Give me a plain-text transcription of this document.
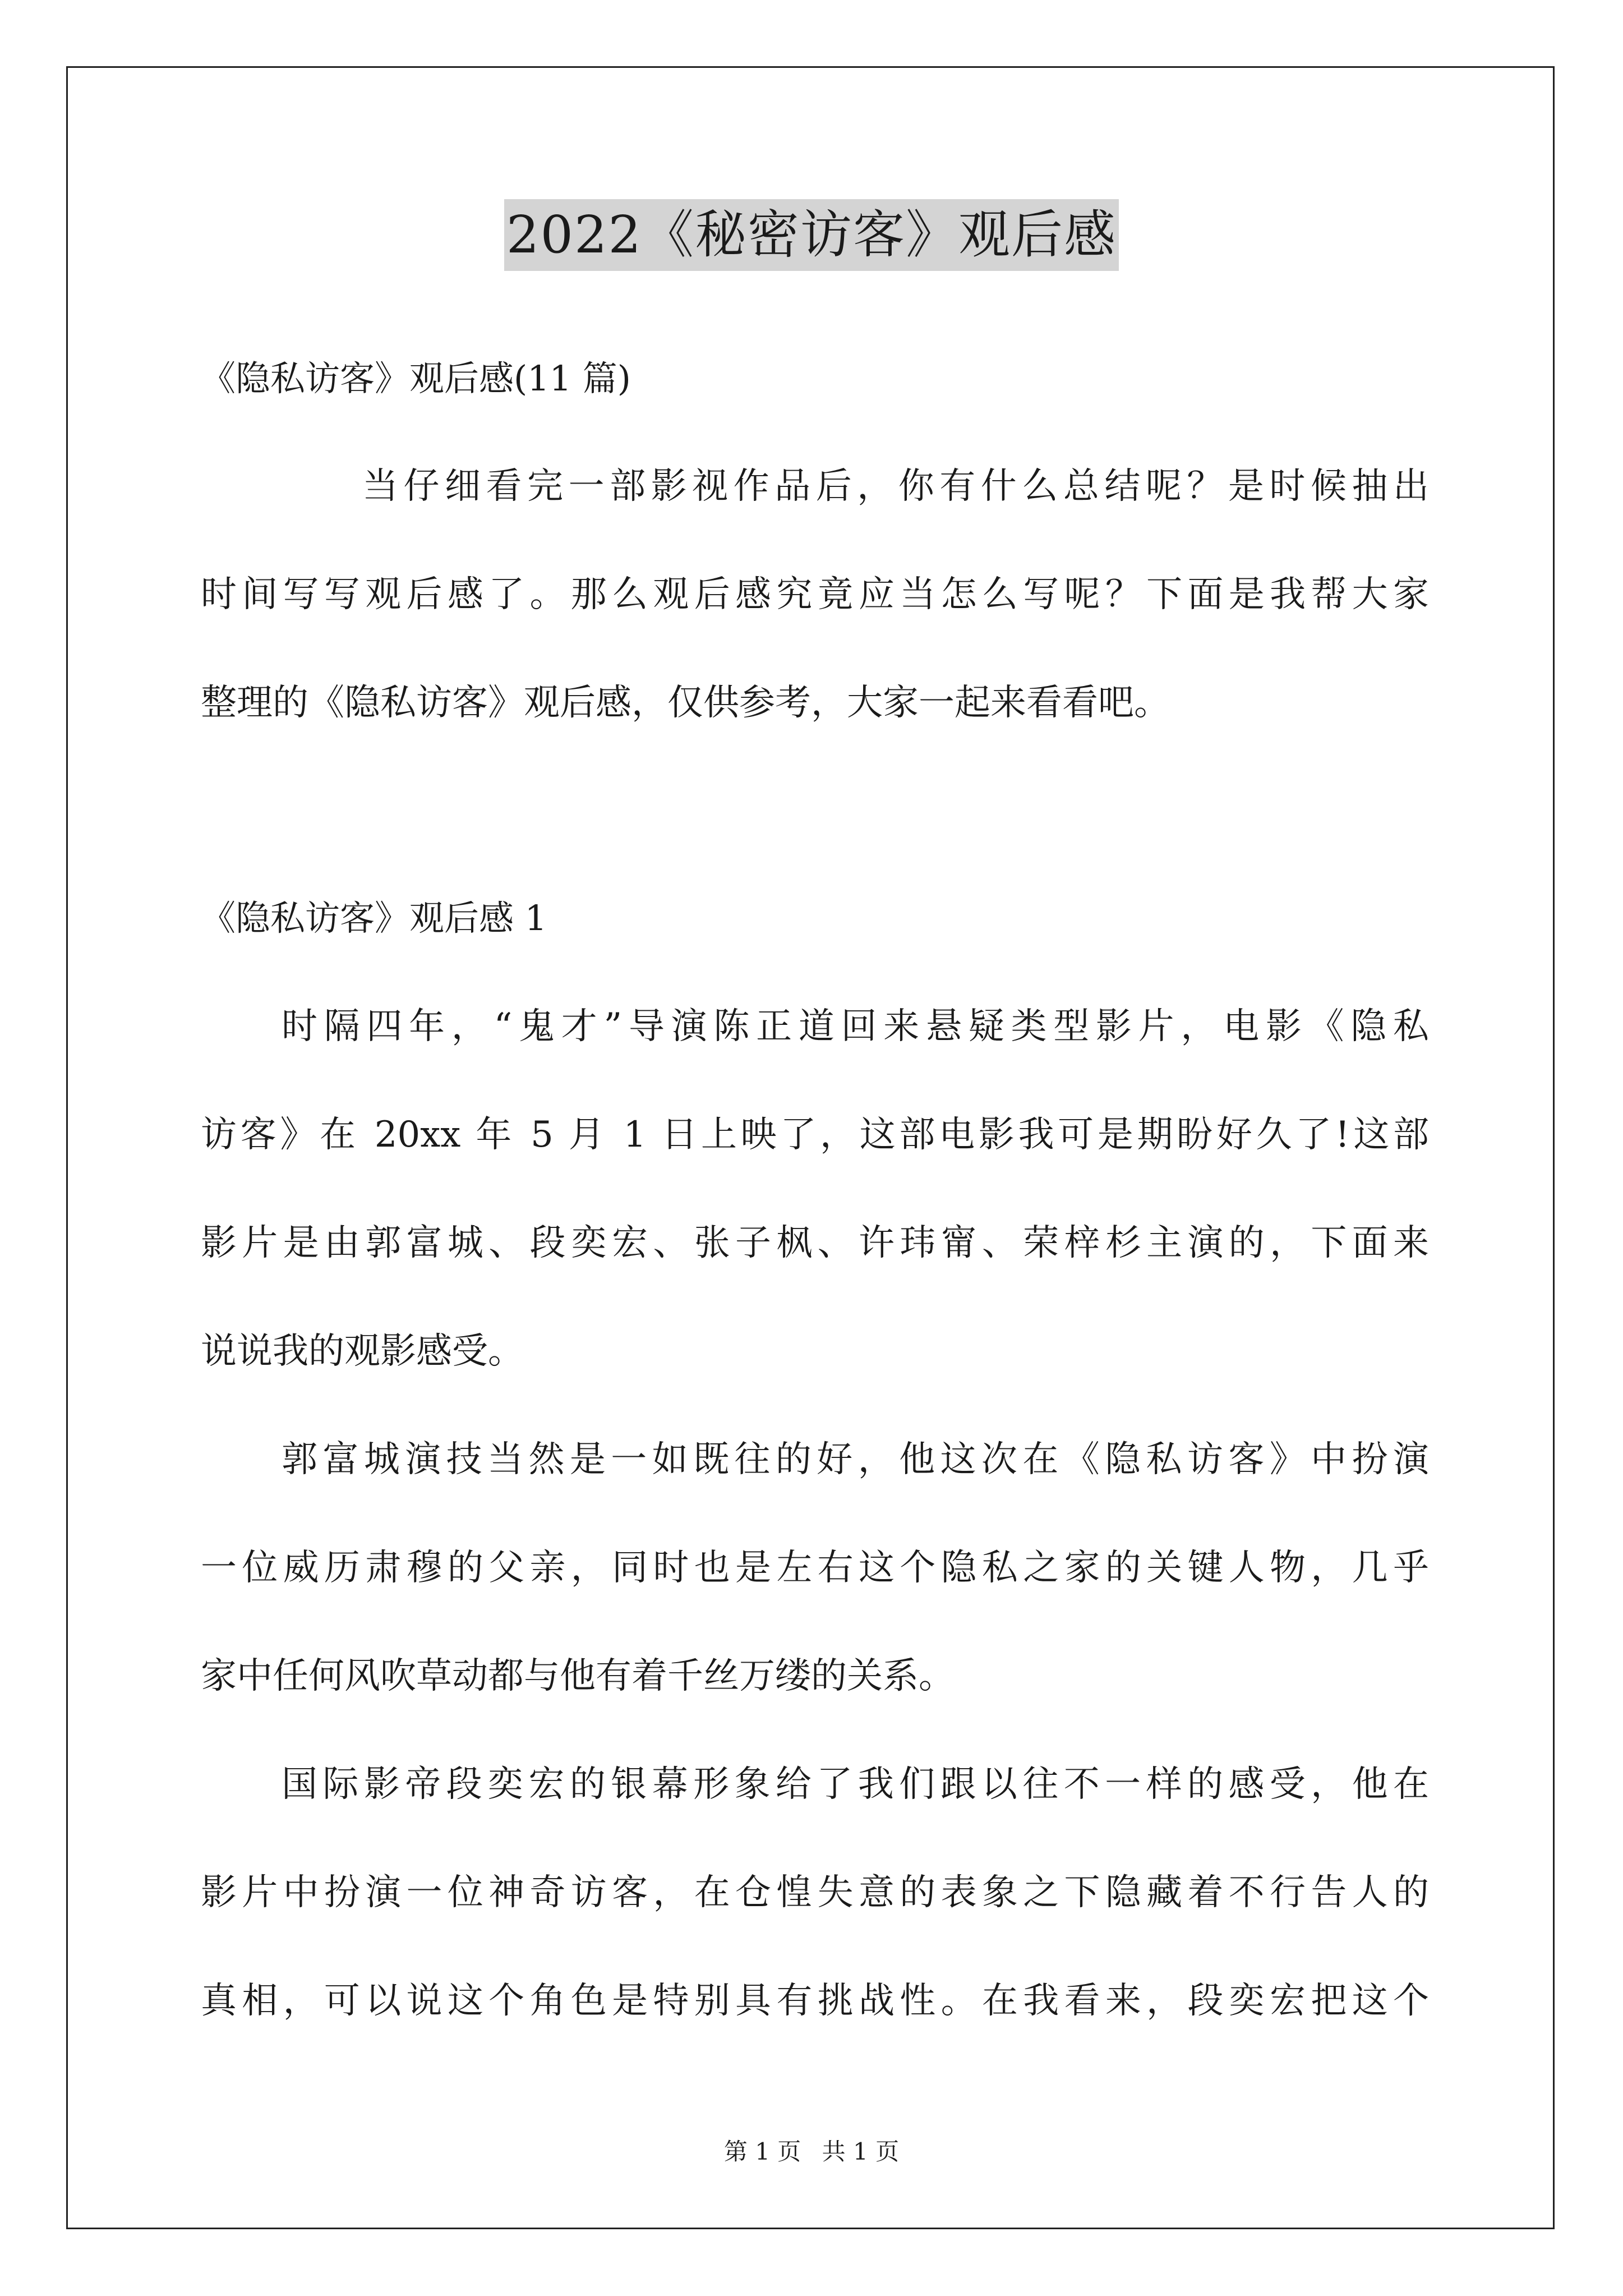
2022《秘密访客》观后感
《隐私访客》观后感(11 篇)
当仔细看完一部影视作品后，你有什么总结呢？是时候抽出
时间写写观后感了。那么观后感究竟应当怎么写呢？下面是我帮大家
整理的《隐私访客》观后感，仅供参考，大家一起来看看吧。
《隐私访客》观后感 1
时隔四年，“鬼才”导演陈正道回来悬疑类型影片，电影《隐私
访客》在 20xx 年 5 月 1 日上映了，这部电影我可是期盼好久了!这部
影片是由郭富城、段奕宏、张子枫、许玮甯、荣梓杉主演的，下面来
说说我的观影感受。
郭富城演技当然是一如既往的好，他这次在《隐私访客》中扮演
一位威历肃穆的父亲，同时也是左右这个隐私之家的关键人物，几乎
家中任何风吹草动都与他有着千丝万缕的关系。
国际影帝段奕宏的银幕形象给了我们跟以往不一样的感受，他在
影片中扮演一位神奇访客，在仓惶失意的表象之下隐藏着不行告人的
真相，可以说这个角色是特别具有挑战性。在我看来，段奕宏把这个
第 1 页 共 1 页
